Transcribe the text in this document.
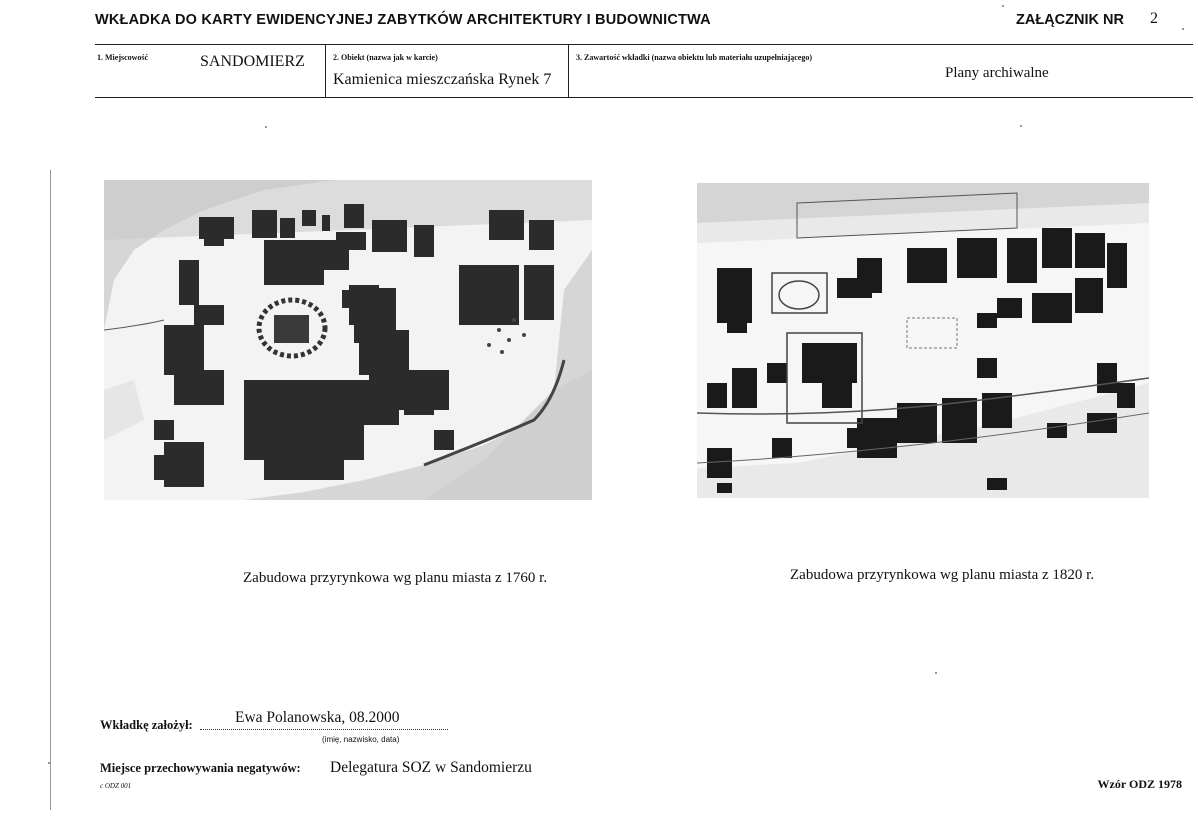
WKŁADKA DO KARTY EWIDENCYJNEJ ZABYTKÓW ARCHITEKTURY I BUDOWNICTWA	ZAŁĄCZNIK NR 2
1. Miejscowość	SANDOMIERZ	2. Obiekt (nazwa jak w karcie)
Kamienica mieszczańska Rynek 7
3. Zawartość wkładki (nazwa obiektu lub materiału uzupełniającego)
Plany archiwalne
Zabudowa przyrynkowa wg planu miasta z 1760 r.	Zabudowa przyrynkowa wg planu miasta z 1820 r.
Wkładkę założył:	Ewa Polanowska, 08.2000
(imię, nazwisko, data)
Miejsce przechowywania negatywów: Delegatura SOZ w Sandomierzu
c ODZ 001	Wzór ODZ 1978
